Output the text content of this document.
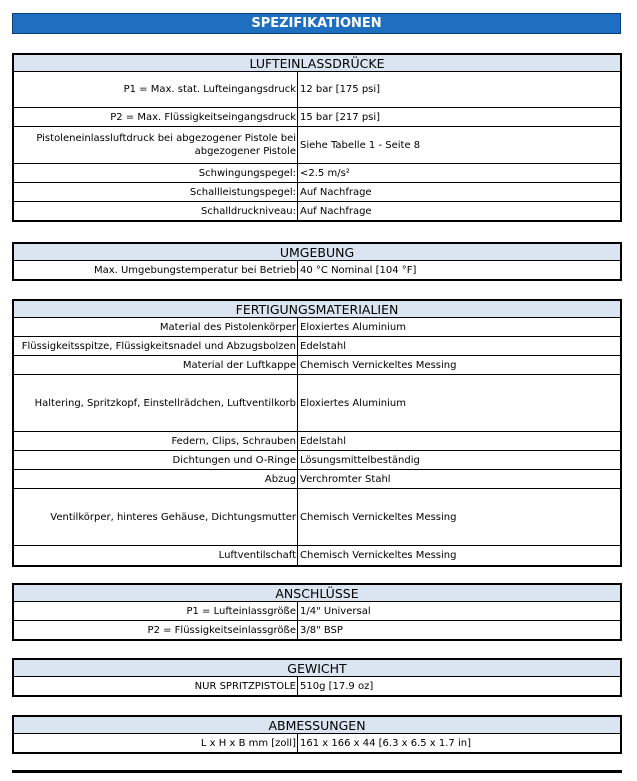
SPEZIFIKATIONEN
LUFTEINLASSDRÜCKE
P1 = Max. stat. Lufteingangsdruck 12 bar [175 psi]
P2 = Max. Flüssigkeitseingangsdruck 15 bar [217 psi]
Pistoleneinlassluftdruck bei abgezogener Pistole bei abgezogener Pistole
Siehe Tabelle 1 - Seite 8
Schwingungspegel: <2.5 m/s²
Schallleistungspegel: Auf Nachfrage
Schalldruckniveau: Auf Nachfrage
UMGEBUNG
Max. Umgebungstemperatur bei Betrieb 40 °C Nominal [104 °F]
FERTIGUNGSMATERIALIEN
Material des Pistolenkörper Eloxiertes Aluminium
Flüssigkeitsspitze, Flüssigkeitsnadel und Abzugsbolzen Edelstahl
Material der Luftkappe Chemisch Vernickeltes Messing
Haltering, Spritzkopf, Einstellrädchen, Luftventilkorb Eloxiertes Aluminium
Federn, Clips, Schrauben Edelstahl
Dichtungen und O-Ringe Lösungsmittelbeständig
Abzug Verchromter Stahl
Ventilkörper, hinteres Gehäuse, Dichtungsmutter Chemisch Vernickeltes Messing
Luftventilschaft Chemisch Vernickeltes Messing
ANSCHLÜSSE
P1 = Lufteinlassgröße 1/4" Universal
P2 = Flüssigkeitseinlassgröße 3/8" BSP
GEWICHT
NUR SPRITZPISTOLE 510g [17.9 oz]
ABMESSUNGEN
L x H x B mm [zoll] 161 x 166 x 44 [6.3 x 6.5 x 1.7 in]
